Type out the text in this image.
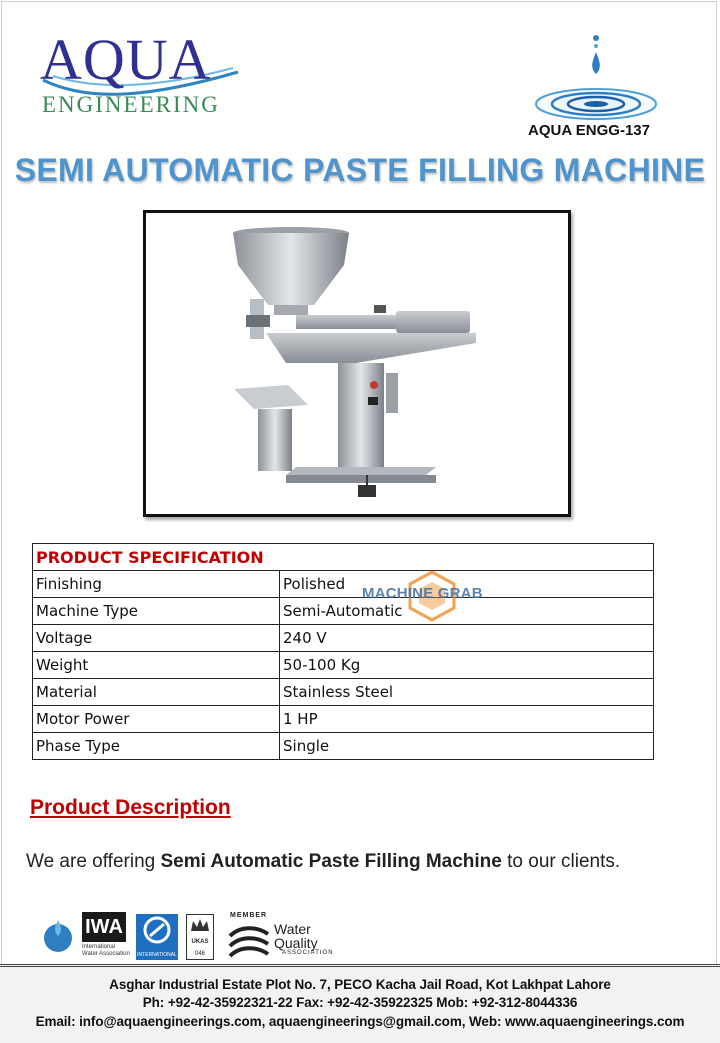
AQUA
ENGINEERING
AQUA ENGG-137
SEMI AUTOMATIC PASTE FILLING MACHINE
PRODUCT SPECIFICATION	
Finishing	Polished
Machine Type	Semi-Automatic
Voltage	240 V
Weight	50-100 Kg
Material	Stainless Steel
Motor Power	1 HP
Phase Type	Single
MACHINE GRAB
Product Description
We are offering Semi Automatic Paste Filling Machine to our clients.
IWA
International
Water Association INTERNATIONAL
UKAS
046
MEMBER
Water
Quality
ASSOCIATION
Asghar Industrial Estate Plot No. 7, PECO Kacha Jail Road, Kot Lakhpat Lahore
Ph: +92-42-35922321-22 Fax: +92-42-35922325 Mob: +92-312-8044336
Email: info@aquaengineerings.com, aquaengineerings@gmail.com, Web: www.aquaengineerings.com
